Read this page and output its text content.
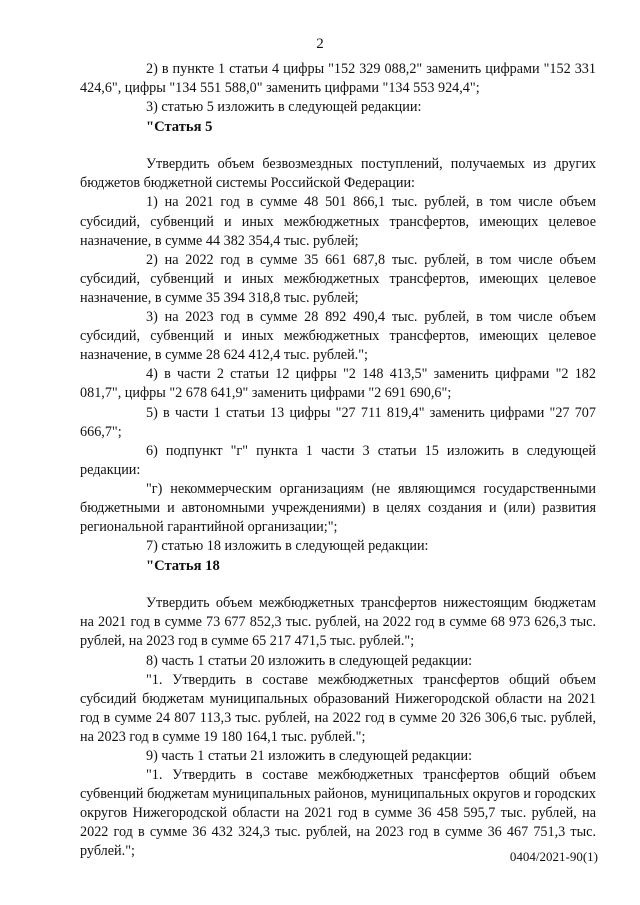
2

2) в пункте 1 статьи 4 цифры "152 329 088,2" заменить цифрами "152 331 424,6", цифры "134 551 588,0" заменить цифрами "134 553 924,4";

3) статью 5 изложить в следующей редакции:

"Статья 5

Утвердить объем безвозмездных поступлений, получаемых из других бюджетов бюджетной системы Российской Федерации:

1) на 2021 год в сумме 48 501 866,1 тыс. рублей, в том числе объем субсидий, субвенций и иных межбюджетных трансфертов, имеющих целевое назначение, в сумме 44 382 354,4 тыс. рублей;

2) на 2022 год в сумме 35 661 687,8 тыс. рублей, в том числе объем субсидий, субвенций и иных межбюджетных трансфертов, имеющих целевое назначение, в сумме 35 394 318,8 тыс. рублей;

3) на 2023 год в сумме 28 892 490,4 тыс. рублей, в том числе объем субсидий, субвенций и иных межбюджетных трансфертов, имеющих целевое назначение, в сумме 28 624 412,4 тыс. рублей.";

4) в части 2 статьи 12 цифры "2 148 413,5" заменить цифрами "2 182 081,7", цифры "2 678 641,9" заменить цифрами "2 691 690,6";

5) в части 1 статьи 13 цифры "27 711 819,4" заменить цифрами "27 707 666,7";

6) подпункт "г" пункта 1 части 3 статьи 15 изложить в следующей редакции:

"г) некоммерческим организациям (не являющимся государственными бюджетными и автономными учреждениями) в целях создания и (или) развития региональной гарантийной организации;";

7) статью 18 изложить в следующей редакции:

"Статья 18

Утвердить объем межбюджетных трансфертов нижестоящим бюджетам на 2021 год в сумме 73 677 852,3 тыс. рублей, на 2022 год в сумме 68 973 626,3 тыс. рублей, на 2023 год в сумме 65 217 471,5 тыс. рублей.";

8) часть 1 статьи 20 изложить в следующей редакции:

"1. Утвердить в составе межбюджетных трансфертов общий объем субсидий бюджетам муниципальных образований Нижегородской области на 2021 год в сумме 24 807 113,3 тыс. рублей, на 2022 год в сумме 20 326 306,6 тыс. рублей, на 2023 год в сумме 19 180 164,1 тыс. рублей.";

9) часть 1 статьи 21 изложить в следующей редакции:

"1. Утвердить в составе межбюджетных трансфертов общий объем субвенций бюджетам муниципальных районов, муниципальных округов и городских округов Нижегородской области на 2021 год в сумме 36 458 595,7 тыс. рублей, на 2022 год в сумме 36 432 324,3 тыс. рублей, на 2023 год в сумме 36 467 751,3 тыс. рублей.";	0404/2021-90(1)
